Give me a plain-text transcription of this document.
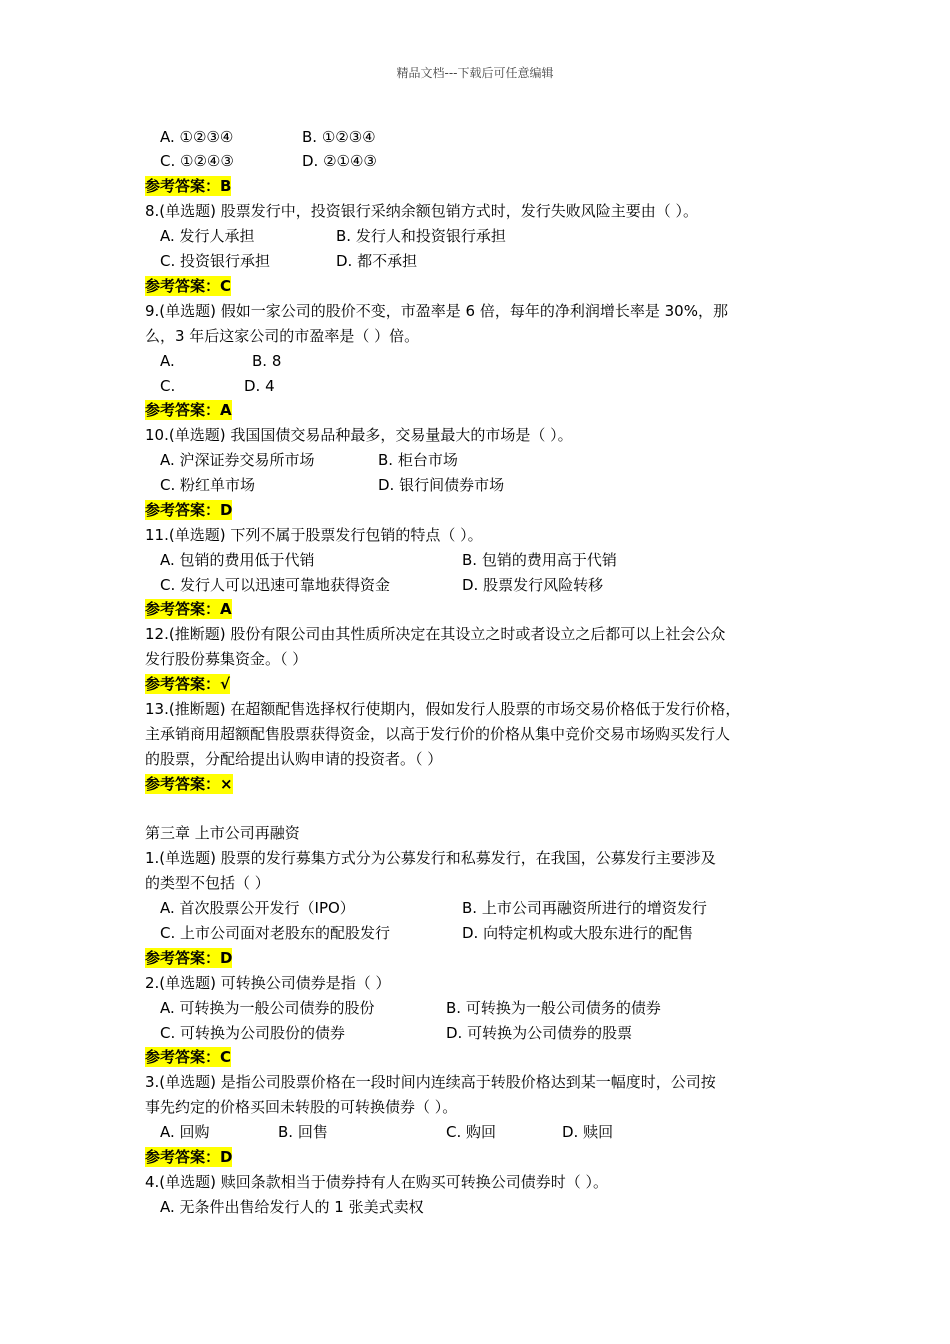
精品文档---下载后可任意编辑
A. ①②③④	B. ①②③④
C. ①②④③	D. ②①④③
参考答案：B
8.(单选题) 股票发行中，投资银行采纳余额包销方式时，发行失败风险主要由（ ）。
A. 发行人承担	B. 发行人和投资银行承担
C. 投资银行承担	D. 都不承担
参考答案：C
9.(单选题) 假如一家公司的股价不变，市盈率是 6 倍，每年的净利润增长率是 30%，那
么，3 年后这家公司的市盈率是（ ）倍。
A.	B. 8
C.	D. 4
参考答案：A
10.(单选题) 我国国债交易品种最多，交易量最大的市场是（ ）。
A. 沪深证券交易所市场	B. 柜台市场
C. 粉红单市场	D. 银行间债券市场
参考答案：D
11.(单选题) 下列不属于股票发行包销的特点（ ）。
A. 包销的费用低于代销	B. 包销的费用高于代销
C. 发行人可以迅速可靠地获得资金	D. 股票发行风险转移
参考答案：A
12.(推断题) 股份有限公司由其性质所决定在其设立之时或者设立之后都可以上社会公众
发行股份募集资金。（ ）
参考答案：√
13.(推断题) 在超额配售选择权行使期内，假如发行人股票的市场交易价格低于发行价格，
主承销商用超额配售股票获得资金，以高于发行价的价格从集中竞价交易市场购买发行人
的股票，分配给提出认购申请的投资者。（ ）
参考答案：×
第三章 上市公司再融资
1.(单选题) 股票的发行募集方式分为公募发行和私募发行，在我国，公募发行主要涉及
的类型不包括（ ）
A. 首次股票公开发行（IPO）	B. 上市公司再融资所进行的增资发行
C. 上市公司面对老股东的配股发行	D. 向特定机构或大股东进行的配售
参考答案：D
2.(单选题) 可转换公司债券是指（ ）
A. 可转换为一般公司债券的股份	B. 可转换为一般公司债务的债券
C. 可转换为公司股份的债券	D. 可转换为公司债券的股票
参考答案：C
3.(单选题) 是指公司股票价格在一段时间内连续高于转股价格达到某一幅度时，公司按
事先约定的价格买回未转股的可转换债券（ ）。
A. 回购	B. 回售	C. 购回	D. 赎回
参考答案：D
4.(单选题) 赎回条款相当于债券持有人在购买可转换公司债券时（ ）。
A. 无条件出售给发行人的 1 张美式卖权
